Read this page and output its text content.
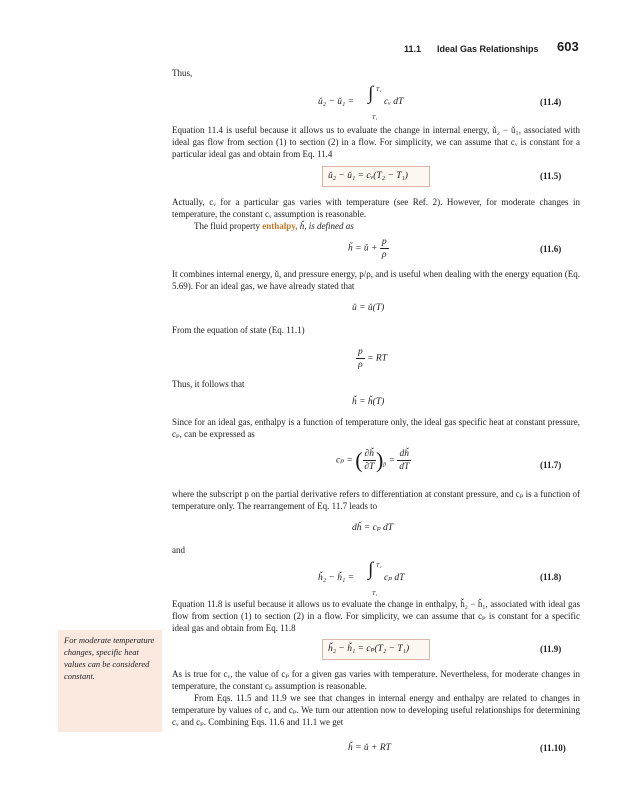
11.1 Ideal Gas Relationships 603
Thus,
ǔ₂ − ǔ₁ = ∫ T₂
T₁
cᵥ dT	(11.4)
Equation 11.4 is useful because it allows us to evaluate the change in internal energy, ǔ₂ − ǔ₁, associated with ideal gas flow from section (1) to section (2) in a flow. For simplicity, we can assume that cᵥ is constant for a particular ideal gas and obtain from Eq. 11.4
ǔ₂ − ǔ₁ = cᵥ(T₂ − T₁)	(11.5)
Actually, cᵥ for a particular gas varies with temperature (see Ref. 2). However, for moderate changes in temperature, the constant cᵥ assumption is reasonable.
The fluid property enthalpy, ȟ, is defined as
ȟ = ǔ + $\frac{p}{\rho}$	(11.6)
It combines internal energy, ǔ, and pressure energy, p/ρ, and is useful when dealing with the energy equation (Eq. 5.69). For an ideal gas, we have already stated that
ǔ = ǔ(T)
From the equation of state (Eq. 11.1)
$\frac{p}{\rho}$ = RT
Thus, it follows that
ȟ = ȟ(T)
Since for an ideal gas, enthalpy is a function of temperature only, the ideal gas specific heat at constant pressure, cₚ, can be expressed as
cₚ = ( $\frac{\partial ȟ}{\partial T} )_p = \frac{dȟ}{dT}$	(11.7)
where the subscript p on the partial derivative refers to differentiation at constant pressure, and cₚ is a function of temperature only. The rearrangement of Eq. 11.7 leads to
dȟ = cₚ dT
and
ȟ₂ − ȟ₁ = ∫ T₂
T₁
cₚ dT	(11.8)
Equation 11.8 is useful because it allows us to evaluate the change in enthalpy, ȟ₂ − ȟ₁, associated with ideal gas flow from section (1) to section (2) in a flow. For simplicity, we can assume that cₚ is constant for a specific ideal gas and obtain from Eq. 11.8
ȟ₂ − ȟ₁ = cₚ(T₂ − T₁)	(11.9)
As is true for cᵥ, the value of cₚ for a given gas varies with temperature. Nevertheless, for moderate changes in temperature, the constant cₚ assumption is reasonable.
From Eqs. 11.5 and 11.9 we see that changes in internal energy and enthalpy are related to changes in temperature by values of cᵥ and cₚ. We turn our attention now to developing useful relationships for determining cᵥ and cₚ. Combining Eqs. 11.6 and 11.1 we get
ȟ = ǔ + RT	(11.10)

For moderate temperature changes, specific heat values can be considered constant.
